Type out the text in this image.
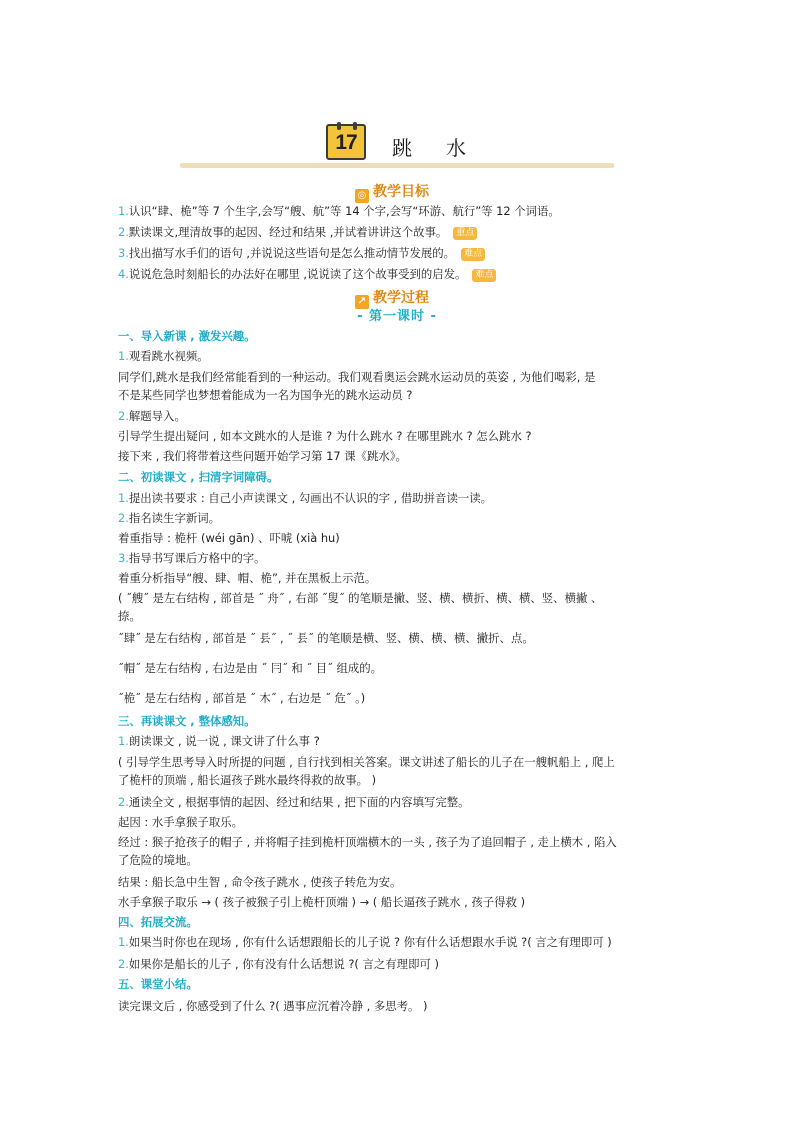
17	跳水
◎ 教学目标
1.认识“肆、桅”等 7 个生字,会写“艘、航”等 14 个字,会写“环游、航行”等 12 个词语。
2.默读课文,理清故事的起因、经过和结果 ,并试着讲讲这个故事。 重点
3.找出描写水手们的语句 ,并说说这些语句是怎么推动情节发展的。 难点
4.说说危急时刻船长的办法好在哪里 ,说说读了这个故事受到的启发。 难点
↗ 教学过程
- 第一课时 -
一、导入新课 , 激发兴趣。
1.观看跳水视频。
同学们,跳水是我们经常能看到的一种运动。我们观看奥运会跳水运动员的英姿 , 为他们喝彩, 是
不是某些同学也梦想着能成为一名为国争光的跳水运动员 ?
2.解题导入。
引导学生提出疑问 , 如本文跳水的人是谁 ? 为什么跳水 ? 在哪里跳水 ? 怎么跳水 ?
接下来 , 我们将带着这些问题开始学习第 17 课《跳水》。
二、初读课文 , 扫清字词障碍。
1.提出读书要求 : 自己小声读课文 , 勾画出不认识的字 , 借助拼音读一读。
2.指名读生字新词。
着重指导 : 桅杆 (wéi gān) 、吓唬 (xià hu)
3.指导书写课后方格中的字。
着重分析指导“艘、肆、帽、桅”, 并在黑板上示范。
( ˝艘˝ 是左右结构 , 部首是 ˝ 舟˝ , 右部 ˝叟˝ 的笔顺是撇、竖、横、横折、横、横、竖、横撇 、
捺。
˝肆˝ 是左右结构 , 部首是 ˝ 镸˝ , ˝ 镸˝ 的笔顺是横、竖、横、横、横、撇折、点。
˝帽˝ 是左右结构 , 右边是由 ˝ 冃˝ 和 ˝ 目˝ 组成的。
˝桅˝ 是左右结构 , 部首是 ˝ 木˝ , 右边是 ˝ 危˝ 。)
三、再读课文 , 整体感知。
1.朗读课文 , 说一说 , 课文讲了什么事 ?
( 引导学生思考导入时所提的问题 , 自行找到相关答案。课文讲述了船长的儿子在一艘帆船上 , 爬上
了桅杆的顶端 , 船长逼孩子跳水最终得救的故事。 )
2.通读全文 , 根据事情的起因、经过和结果 , 把下面的内容填写完整。
起因 : 水手拿猴子取乐。
经过 : 猴子抢孩子的帽子 , 并将帽子挂到桅杆顶端横木的一头 , 孩子为了追回帽子 , 走上横木 , 陷入
了危险的境地。
结果 : 船长急中生智 , 命令孩子跳水 , 使孩子转危为安。
水手拿猴子取乐 → ( 孩子被猴子引上桅杆顶端 ) → ( 船长逼孩子跳水 , 孩子得救 )
四、拓展交流。
1.如果当时你也在现场 , 你有什么话想跟船长的儿子说 ? 你有什么话想跟水手说 ?( 言之有理即可 )
2.如果你是船长的儿子 , 你有没有什么话想说 ?( 言之有理即可 )
五、课堂小结。
读完课文后 , 你感受到了什么 ?( 遇事应沉着冷静 , 多思考。 )
